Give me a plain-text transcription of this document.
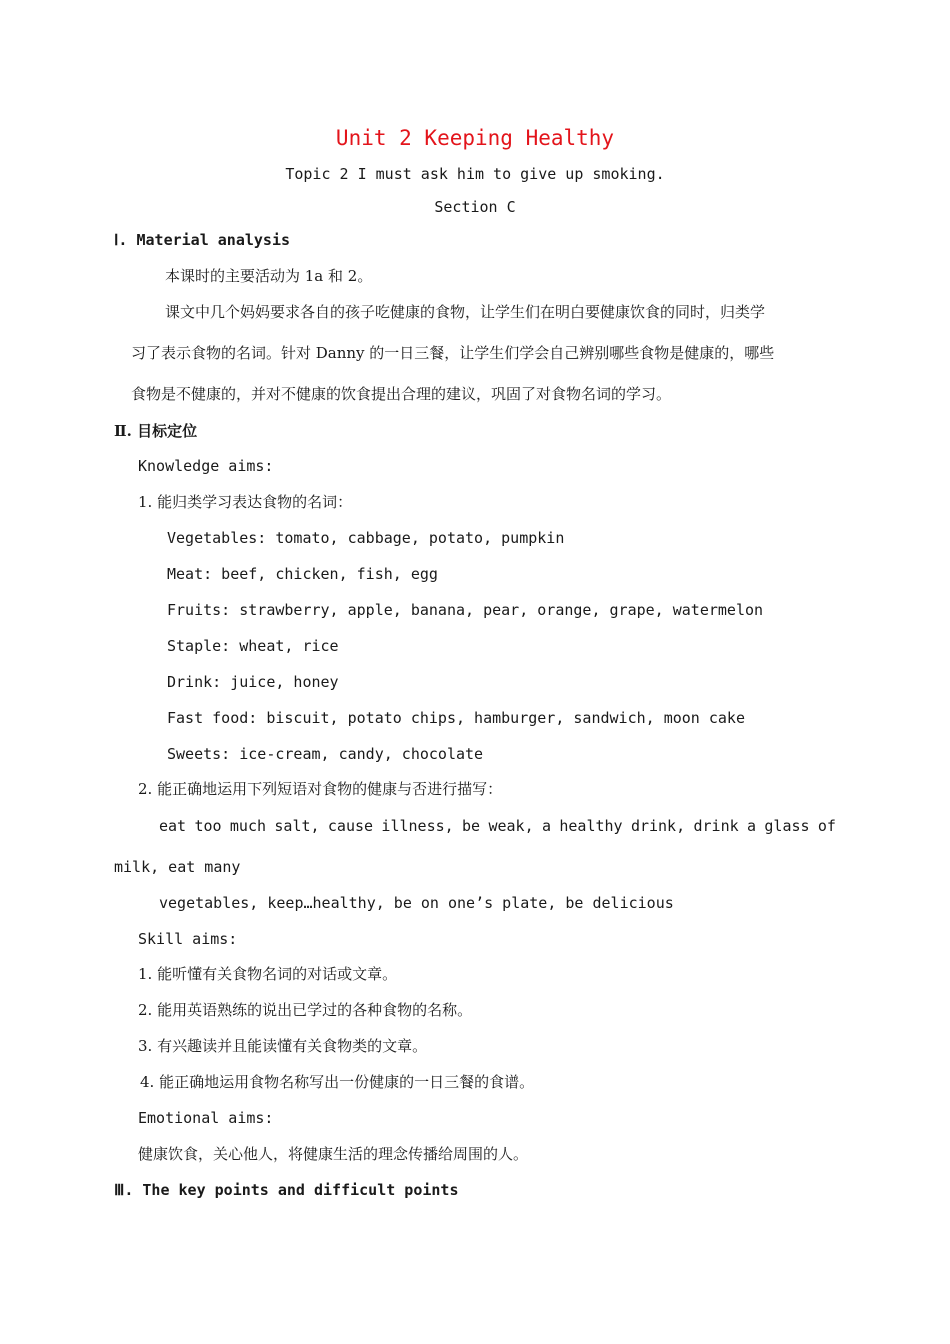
Unit 2 Keeping Healthy
Topic 2 I must ask him to give up smoking.
Section C
Ⅰ. Material analysis
本课时的主要活动为 1a 和 2。
课文中几个妈妈要求各自的孩子吃健康的食物，让学生们在明白要健康饮食的同时，归类学
习了表示食物的名词。针对 Danny 的一日三餐，让学生们学会自己辨别哪些食物是健康的，哪些
食物是不健康的，并对不健康的饮食提出合理的建议，巩固了对食物名词的学习。
Ⅱ. 目标定位
Knowledge aims:
1. 能归类学习表达食物的名词：
Vegetables: tomato, cabbage, potato, pumpkin
Meat: beef, chicken, fish, egg
Fruits: strawberry, apple, banana, pear, orange, grape, watermelon
Staple: wheat, rice
Drink: juice, honey
Fast food: biscuit, potato chips, hamburger, sandwich, moon cake
Sweets: ice-cream, candy, chocolate
2. 能正确地运用下列短语对食物的健康与否进行描写：
eat too much salt, cause illness, be weak, a healthy drink, drink a glass of
milk, eat many
vegetables, keep…healthy, be on one’s plate, be delicious
Skill aims:
1. 能听懂有关食物名词的对话或文章。
2. 能用英语熟练的说出已学过的各种食物的名称。
3. 有兴趣读并且能读懂有关食物类的文章。
4. 能正确地运用食物名称写出一份健康的一日三餐的食谱。
Emotional aims:
健康饮食，关心他人，将健康生活的理念传播给周围的人。
Ⅲ. The key points and difficult points
